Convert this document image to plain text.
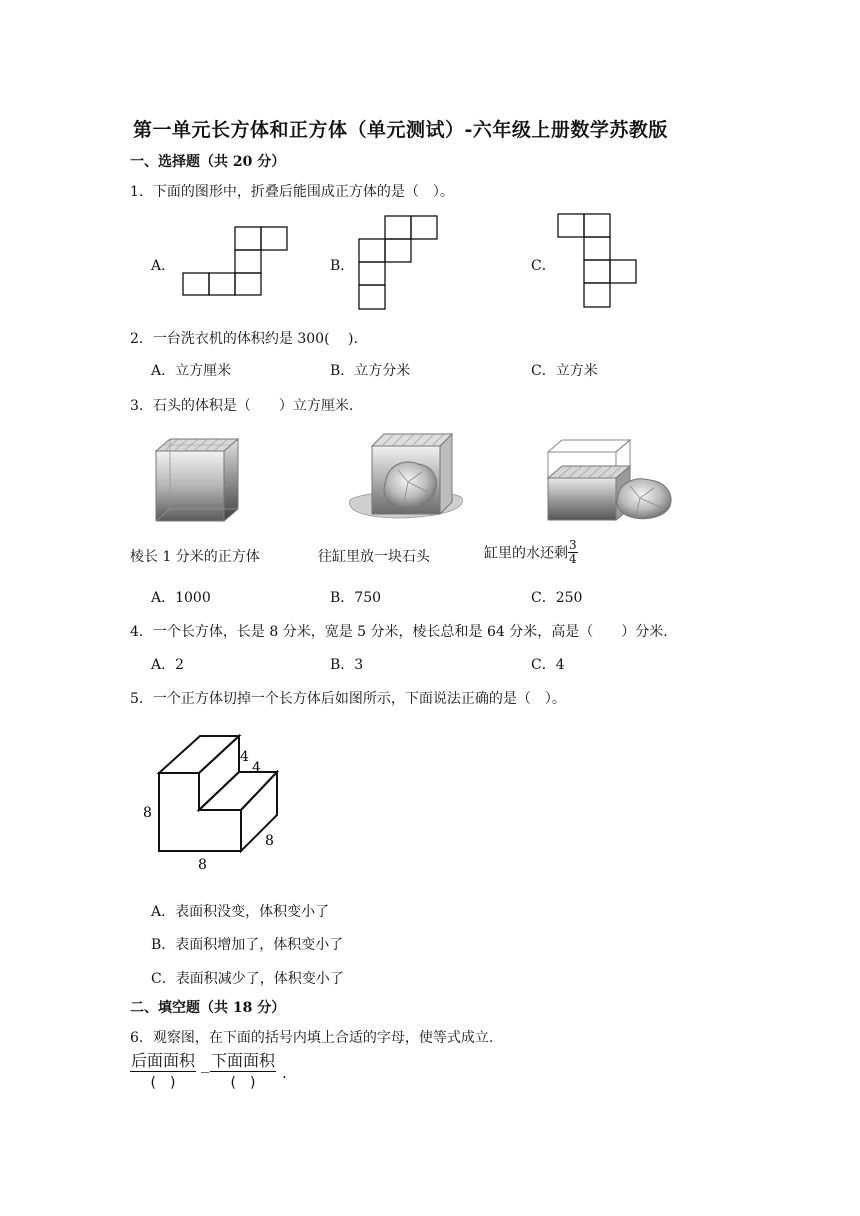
第一单元长方体和正方体（单元测试）-六年级上册数学苏教版
一、选择题（共 20 分）
1．下面的图形中，折叠后能围成正方体的是（　）。
A．	B．	C．
2．一台洗衣机的体积约是 300(　 ).
A．立方厘米	B．立方分米	C．立方米
3．石头的体积是（　　）立方厘米.
棱长 1 分米的正方体	往缸里放一块石头	缸里的水还剩 $\frac{3}{4}$
A．1000	B．750	C．250
4．一个长方体，长是 8 分米，宽是 5 分米，棱长总和是 64 分米，高是（　　）分米.
A．2	B．3	C．4
5．一个正方体切掉一个长方体后如图所示，下面说法正确的是（　）。
4
4
8
8
8
A．表面积没变，体积变小了
B．表面积增加了，体积变小了
C．表面积减少了，体积变小了
二、填空题（共 18 分）
6．观察图，在下面的括号内填上合适的字母，使等式成立.
后面面积
(　)
_ 下面面积
(　)
.
